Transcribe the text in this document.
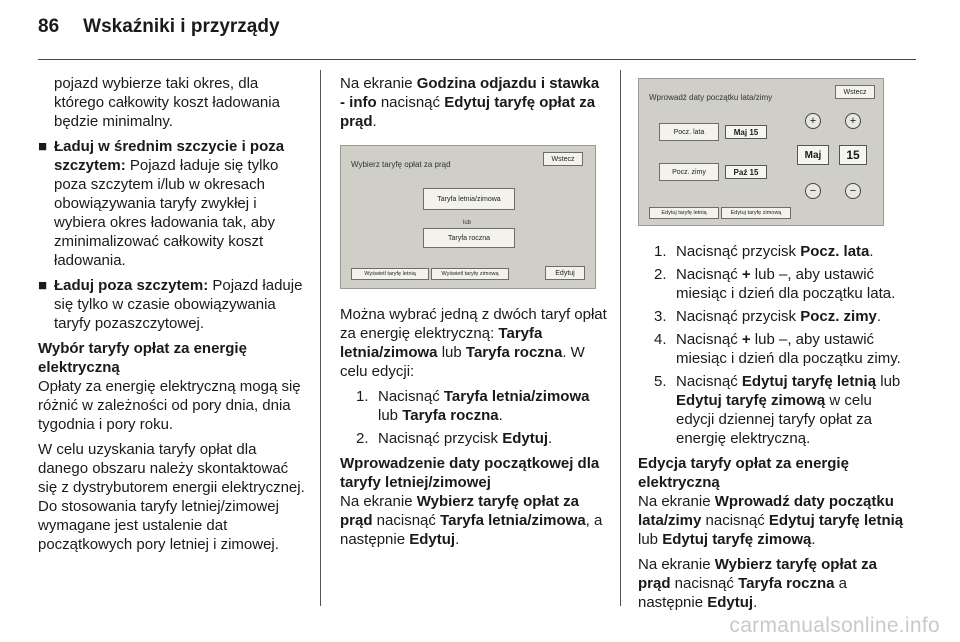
86 Wskaźniki i przyrządy

pojazd wybierze taki okres, dla którego całkowity koszt ładowania będzie minimalny.

■ Ładuj w średnim szczycie i poza szczytem: Pojazd ładuje się tylko poza szczytem i/lub w okresach obowiązywania taryfy zwykłej i wybiera okres ładowania tak, aby zminimalizować całkowity koszt ładowania.
■ Ładuj poza szczytem: Pojazd ładuje się tylko w czasie obowiązywania taryfy pozaszczytowej.

Wybór taryfy opłat za energię elektryczną

Opłaty za energię elektryczną mogą się różnić w zależności od pory dnia, dnia tygodnia i pory roku.

W celu uzyskania taryfy opłat dla danego obszaru należy skontaktować się z dystrybutorem energii elektrycznej. Do stosowania taryfy letniej/zimowej wymagane jest ustalenie dat początkowych pory letniej i zimowej.

Na ekranie Godzina odjazdu i stawka - info nacisnąć Edytuj taryfę opłat za prąd.

Wybierz taryfę opłat za prąd
Wstecz
Taryfa letnia/zimowa
lub
Taryfa roczna
Wyświetl taryfę letnią	Wyświetl taryfę zimową	Edytuj

Można wybrać jedną z dwóch taryf opłat za energię elektryczną: Taryfa letnia/zimowa lub Taryfa roczna. W celu edycji:

1. Nacisnąć Taryfa letnia/zimowa lub Taryfa roczna.
2. Nacisnąć przycisk Edytuj.

Wprowadzenie daty początkowej dla taryfy letniej/zimowej

Na ekranie Wybierz taryfę opłat za prąd nacisnąć Taryfa letnia/zimowa, a następnie Edytuj.

Wprowadź daty początku lata/zimy
Wstecz
Pocz. lata	Maj 15
Pocz. zimy	Paź 15
+
Maj
−
+
15
−
Edytuj taryfę letnią	Edytuj taryfę zimową
1. Nacisnąć przycisk Pocz. lata.
2. Nacisnąć + lub –, aby ustawić miesiąc i dzień dla początku lata.
3. Nacisnąć przycisk Pocz. zimy.
4. Nacisnąć + lub –, aby ustawić miesiąc i dzień dla początku zimy.
5. Nacisnąć Edytuj taryfę letnią lub Edytuj taryfę zimową w celu edycji dziennej taryfy opłat za energię elektryczną.

Edycja taryfy opłat za energię elektryczną

Na ekranie Wprowadź daty początku lata/zimy nacisnąć Edytuj taryfę letnią lub Edytuj taryfę zimową.

Na ekranie Wybierz taryfę opłat za prąd nacisnąć Taryfa roczna a następnie Edytuj.

carmanualsonline.info
